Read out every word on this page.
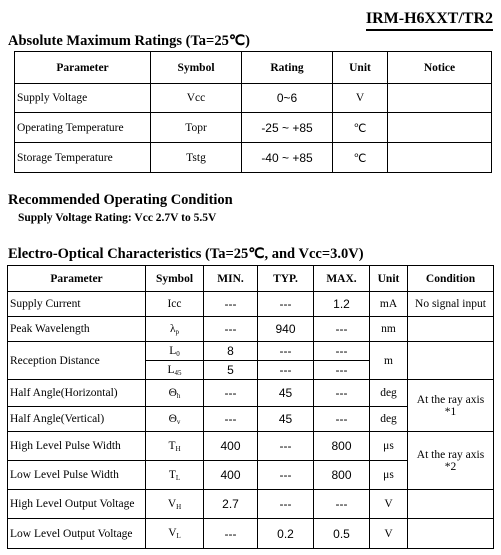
IRM-H6XXT/TR2
Absolute Maximum Ratings (Ta=25℃)
Parameter	Symbol	Rating	Unit	Notice
Supply Voltage	Vcc	0~6	V	
Operating Temperature	Topr	-25 ~ +85	℃	
Storage Temperature	Tstg	-40 ~ +85	℃	
Recommended Operating Condition
Supply Voltage Rating: Vcc 2.7V to 5.5V
Electro-Optical Characteristics (Ta=25℃, and Vcc=3.0V)
Parameter	Symbol	MIN.	TYP.	MAX.	Unit	Condition
Supply Current	Icc	---	---	1.2	mA	No signal input
Peak Wavelength	$\lambda_p$	---	940	---	nm	
Reception Distance	$L_0$	8	---	---	m	
	$L_{45}$	5	---	---		
Half Angle(Horizontal)	$\Theta_h$	---	45	---	deg	At the ray axis
*1

Half Angle(Vertical)	$\Theta_v$	---	45	---	deg	
High Level Pulse Width	$T_H$	400	---	800	μs	At the ray axis
*2

Low Level Pulse Width	$T_L$	400	---	800	μs	
High Level Output Voltage	$V_H$	2.7	---	---	V	
Low Level Output Voltage	$V_L$	---	0.2	0.5	V	
